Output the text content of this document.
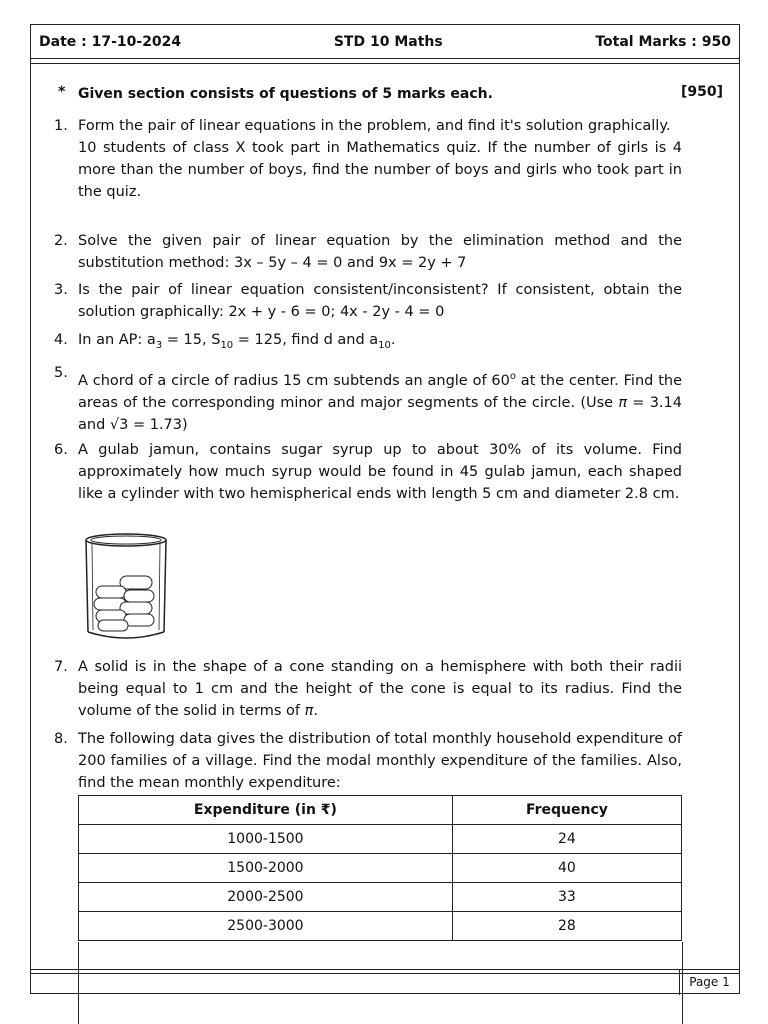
Date : 17-10-2024	STD 10 Maths	Total Marks : 950
Page 1
* Given section consists of questions of 5 marks each.	[950]
1. Form the pair of linear equations in the problem, and find it's solution graphically.
10 students of class X took part in Mathematics quiz. If the number of girls is 4 more than the number of boys, find the number of boys and girls who took part in the quiz.
2. Solve the given pair of linear equation by the elimination method and the substitution method: 3x – 5y – 4 = 0 and 9x = 2y + 7
3. Is the pair of linear equation consistent/inconsistent? If consistent, obtain the solution graphically: 2x + y - 6 = 0; 4x - 2y - 4 = 0
4. In an AP: $a_3 = 15$, $S_{10} = 125$, find d and $a_{10}$.
5. A chord of a circle of radius 15 cm subtends an angle of 60$^o$ at the center. Find the areas of the corresponding minor and major segments of the circle. (Use π = 3.14 and √3 = 1.73)
6. A gulab jamun, contains sugar syrup up to about 30% of its volume. Find approximately how much syrup would be found in 45 gulab jamun, each shaped like a cylinder with two hemispherical ends with length 5 cm and diameter 2.8 cm.
7. A solid is in the shape of a cone standing on a hemisphere with both their radii being equal to 1 cm and the height of the cone is equal to its radius. Find the volume of the solid in terms of π.
8. The following data gives the distribution of total monthly household expenditure of 200 families of a village. Find the modal monthly expenditure of the families. Also, find the mean monthly expenditure:
Expenditure (in ₹)	Frequency
1000-1500	24
1500-2000	40
2000-2500	33
2500-3000	28
